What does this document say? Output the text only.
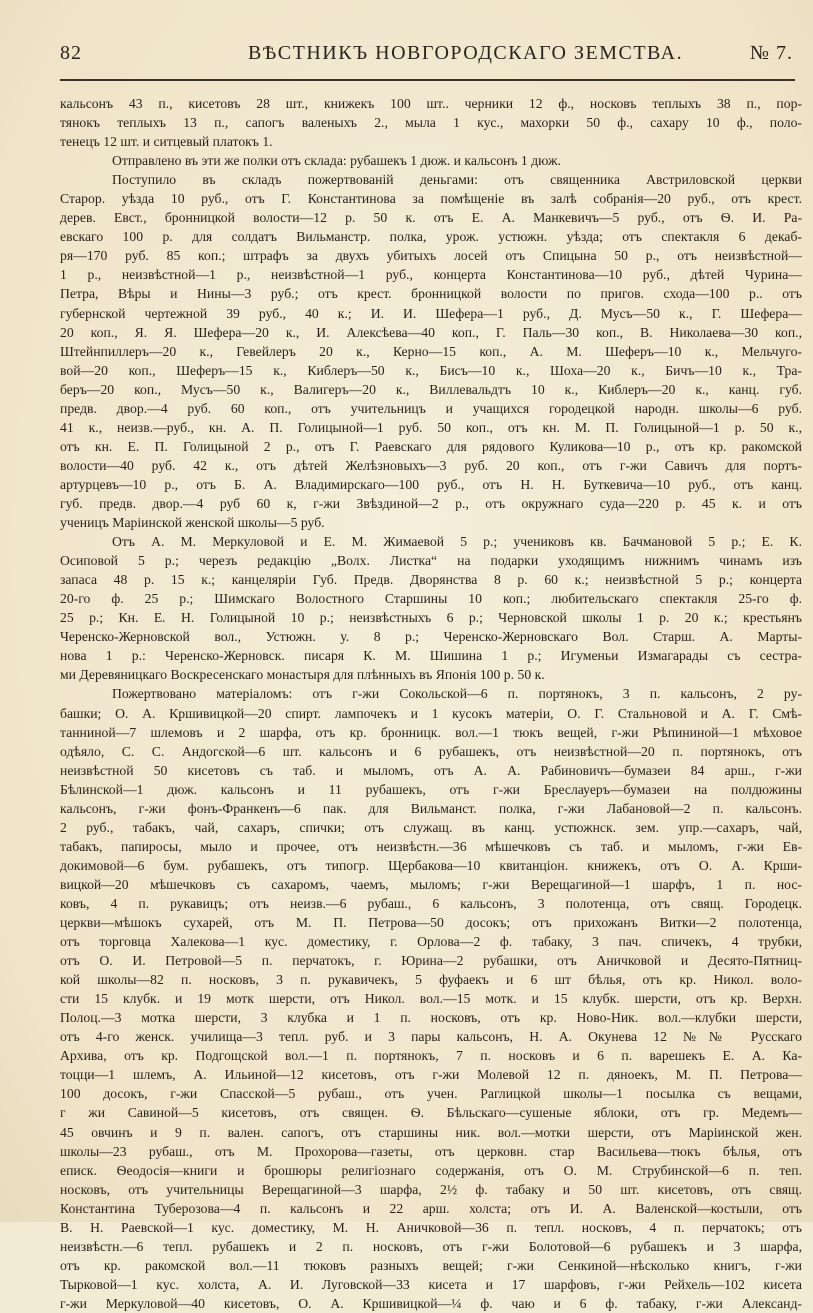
82	ВѢСТНИКЪ НОВГОРОДСКАГО ЗЕМСТВА.	№ 7.
кальсонъ 43 п., кисетовъ 28 шт., книжекъ 100 шт.. черники 12 ф., носковъ теплыхъ 38 п., пор-
тянокъ теплыхъ 13 п., сапогъ валеныхъ 2., мыла 1 кус., махорки 50 ф., сахару 10 ф., поло-
тенецъ 12 шт. и ситцевый платокъ 1.
Отправлено въ эти же полки отъ склада: рубашекъ 1 дюж. и кальсонъ 1 дюж.
Поступило въ складъ пожертвованій деньгами: отъ священника Австриловской церкви
Старор. уѣзда 10 руб., отъ Г. Константинова за помѣщеніе въ залѣ собранія—20 руб., отъ крест.
дерев. Евст., бронницкой волости—12 р. 50 к. отъ Е. А. Манкевичъ—5 руб., отъ Ѳ. И. Ра-
евскаго 100 р. для солдатъ Вильманстр. полка, урож. устюжн. уѣзда; отъ спектакля 6 декаб-
ря—170 руб. 85 коп.; штрафъ за двухъ убитыхъ лосей отъ Спицына 50 р., отъ неизвѣстной—
1 р., неизвѣстной—1 р., неизвѣстной—1 руб., концерта Константинова—10 руб., дѣтей Чурина—
Петра, Вѣры и Нины—3 руб.; отъ крест. бронницкой волости по пригов. схода—100 р.. отъ
губернской чертежной 39 руб., 40 к.; И. И. Шефера—1 руб., Д. Мусъ—50 к., Г. Шефера—
20 коп., Я. Я. Шефера—20 к., И. Алексѣева—40 коп., Г. Паль—30 коп., В. Николаева—30 коп.,
Штейнпиллеръ—20 к., Гевейлеръ 20 к., Керно—15 коп., А. М. Шеферъ—10 к., Мельчуго-
вой—20 коп., Шеферъ—15 к., Киблеръ—50 к., Бисъ—10 к., Шоха—20 к., Бичъ—10 к., Тра-
беръ—20 коп., Мусъ—50 к., Валигеръ—20 к., Виллевальдтъ 10 к., Киблеръ—20 к., канц. губ.
предв. двор.—4 руб. 60 коп., отъ учительницъ и учащихся городецкой народн. школы—6 руб.
41 к., неизв.—руб., кн. А. П. Голицыной—1 руб. 50 коп., отъ кн. М. П. Голицыной—1 р. 50 к.,
отъ кн. Е. П. Голицыной 2 р., отъ Г. Раевскаго для рядового Куликова—10 р., отъ кр. ракомской
волости—40 руб. 42 к., отъ дѣтей Желѣзновыхъ—3 руб. 20 коп., отъ г-жи Савичъ для портъ-
артурцевъ—10 р., отъ Б. А. Владимирскаго—100 руб., отъ Н. Н. Буткевича—10 руб., отъ канц.
губ. предв. двор.—4 руб 60 к, г-жи Звѣздиной—2 р., отъ окружнаго суда—220 р. 45 к. и отъ
ученицъ Маріинской женской школы—5 руб.
Отъ А. М. Меркуловой и Е. М. Жимаевой 5 р.; учениковъ кв. Бачмановой 5 р.; Е. К.
Осиповой 5 р.; черезъ редакцію „Волх. Листка“ на подарки уходящимъ нижнимъ чинамъ изъ
запаса 48 р. 15 к.; канцеляріи Губ. Предв. Дворянства 8 р. 60 к.; неизвѣстной 5 р.; концерта
20-го ф. 25 р.; Шимскаго Волостного Старшины 10 коп.; любительскаго спектакля 25-го ф.
25 р.; Кн. Е. Н. Голицыной 10 р.; неизвѣстныхъ 6 р.; Черновской школы 1 р. 20 к.; крестьянъ
Черенско-Жерновской вол., Устюжн. у. 8 р.; Черенско-Жерновскаго Вол. Старш. А. Марты-
нова 1 р.: Черенско-Жерновск. писаря К. М. Шишина 1 р.; Игуменьи Измагарады съ сестра-
ми Деревяницкаго Воскресенскаго монастыря для плѣнныхъ въ Японія 100 р. 50 к.
Пожертвовано матеріаломъ: отъ г-жи Сокольской—6 п. портянокъ, 3 п. кальсонъ, 2 ру-
башки; О. А. Кршивицкой—20 спирт. лампочекъ и 1 кусокъ матеріи, О. Г. Стальновой и А. Г. Смѣ-
танниной—7 шлемовъ и 2 шарфа, отъ кр. бронницк. вол.—1 тюкъ вещей, г-жи Рѣпининой—1 мѣховое
одѣяло, С. С. Андогской—6 шт. кальсонъ и 6 рубашекъ, отъ неизвѣстной—20 п. портянокъ, отъ
неизвѣстной 50 кисетовъ съ таб. и мыломъ, отъ А. А. Рабиновичъ—бумазеи 84 арш., г-жи
Бѣлинской—1 дюж. кальсонъ и 11 рубашекъ, отъ г-жи Бреслауеръ—бумазеи на полдюжины
кальсонъ, г-жи фонъ-Франкенъ—6 пак. для Вильманст. полка, г-жи Лабановой—2 п. кальсонъ.
2 руб., табакъ, чай, сахаръ, спички; отъ служащ. въ канц. устюжнск. зем. упр.—сахаръ, чай,
табакъ, папиросы, мыло и прочее, отъ неизвѣстн.—36 мѣшечковъ съ таб. и мыломъ, г-жи Ев-
докимовой—6 бум. рубашекъ, отъ типогр. Щербакова—10 квитанціон. книжекъ, отъ О. А. Крши-
вицкой—20 мѣшечковъ съ сахаромъ, чаемъ, мыломъ; г-жи Верещагиной—1 шарфъ, 1 п. нос-
ковъ, 4 п. рукавицъ; отъ неизв.—6 рубаш., 6 кальсонъ, 3 полотенца, отъ свящ. Городецк.
церкви—мѣшокъ сухарей, отъ М. П. Петрова—50 досокъ; отъ прихожанъ Витки—2 полотенца,
отъ торговца Халекова—1 кус. доместику, г. Орлова—2 ф. табаку, 3 пач. спичекъ, 4 трубки,
отъ О. И. Петровой—5 п. перчатокъ, г. Юрина—2 рубашки, отъ Аничковой и Десято-Пятниц-
кой школы—82 п. носковъ, 3 п. рукавичекъ, 5 фуфаекъ и 6 шт бѣлья, отъ кр. Никол. воло-
сти 15 клубк. и 19 мотк шерсти, отъ Никол. вол.—15 мотк. и 15 клубк. шерсти, отъ кр. Верхн.
Полоц.—3 мотка шерсти, 3 клубка и 1 п. носковъ, отъ кр. Ново-Ник. вол.—клубки шерсти,
отъ 4-го женск. училища—3 тепл. руб. и 3 пары кальсонъ, Н. А. Окунева 12 №№ Русскаго
Архива, отъ кр. Подгощской вол.—1 п. портянокъ, 7 п. носковъ и 6 п. варешекъ Е. А. Ка-
тоцци—1 шлемъ, А. Ильиной—12 кисетовъ, отъ г-жи Молевой 12 п. дяноекъ, М. П. Петрова—
100 досокъ, г-жи Спасской—5 рубаш., отъ учен. Раглицкой школы—1 посылка съ вещами,
г жи Савиной—5 кисетовъ, отъ священ. Ѳ. Бѣльскаго—сушеные яблоки, отъ гр. Медемъ—
45 овчинъ и 9 п. вален. сапогъ, отъ старшины ник. вол.—мотки шерсти, отъ Маріинской жен.
школы—23 рубаш., отъ М. Прохорова—газеты, отъ церковн. стар Васильева—тюкъ бѣлья, отъ
епиcк. Ѳеодосія—книги и брошюры религіознаго содержанія, отъ О. М. Струбинской—6 п. теп.
носковъ, отъ учительницы Верещагиной—3 шарфа, 2½ ф. табаку и 50 шт. кисетовъ, отъ свящ.
Константина Туберозова—4 п. кальсонъ и 22 арш. холста; отъ И. А. Валенской—костыли, отъ
В. Н. Раевской—1 кус. доместику, М. Н. Аничковой—36 п. тепл. носковъ, 4 п. перчатокъ; отъ
неизвѣстн.—6 тепл. рубашекъ и 2 п. носковъ, отъ г-жи Болотовой—6 рубашекъ и 3 шарфа,
отъ кр. ракомской вол.—11 тюковъ разныхъ вещей; г-жи Сенкиной—нѣсколько книгъ, г-жи
Тырковой—1 кус. холста, А. И. Луговской—33 кисета и 17 шарфовъ, г-жи Рейхель—102 кисета
г-жи Меркуловой—40 кисетовъ, О. А. Кршивицкой—¼ ф. чаю и 6 ф. табаку, г-жи Александ-
